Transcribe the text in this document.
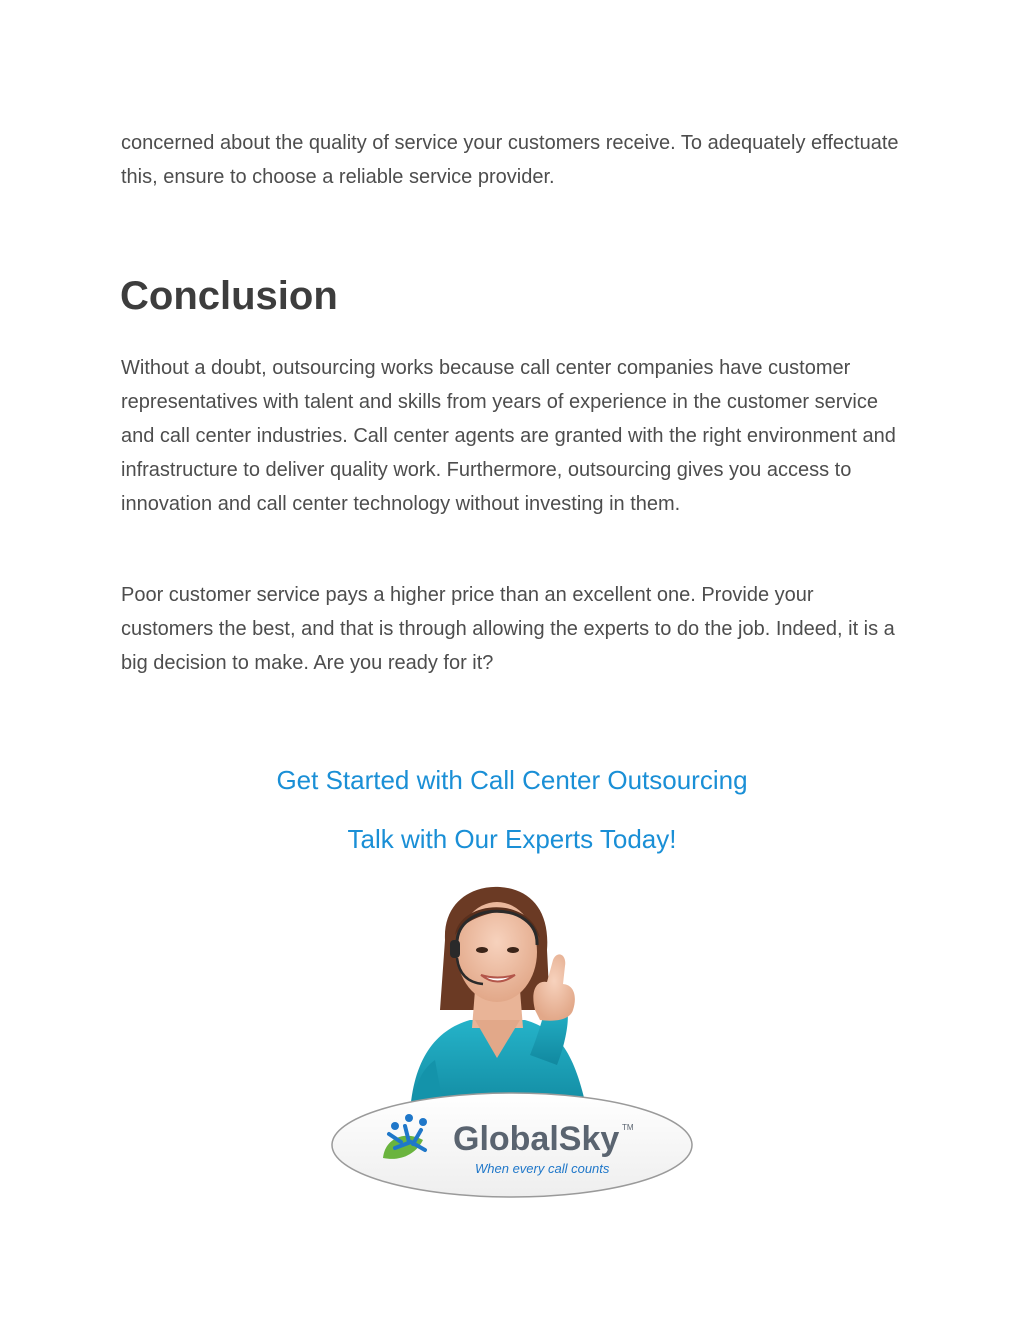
concerned about the quality of service your customers receive. To adequately effectuate this, ensure to choose a reliable service provider.

Conclusion

Without a doubt, outsourcing works because call center companies have customer representatives with talent and skills from years of experience in the customer service and call center industries. Call center agents are granted with the right environment and infrastructure to deliver quality work. Furthermore, outsourcing gives you access to innovation and call center technology without investing in them.

Poor customer service pays a higher price than an excellent one. Provide your customers the best, and that is through allowing the experts to do the job. Indeed, it is a big decision to make. Are you ready for it?

Get Started with Call Center Outsourcing
Talk with Our Experts Today!
GlobalSky TM
When every call counts
